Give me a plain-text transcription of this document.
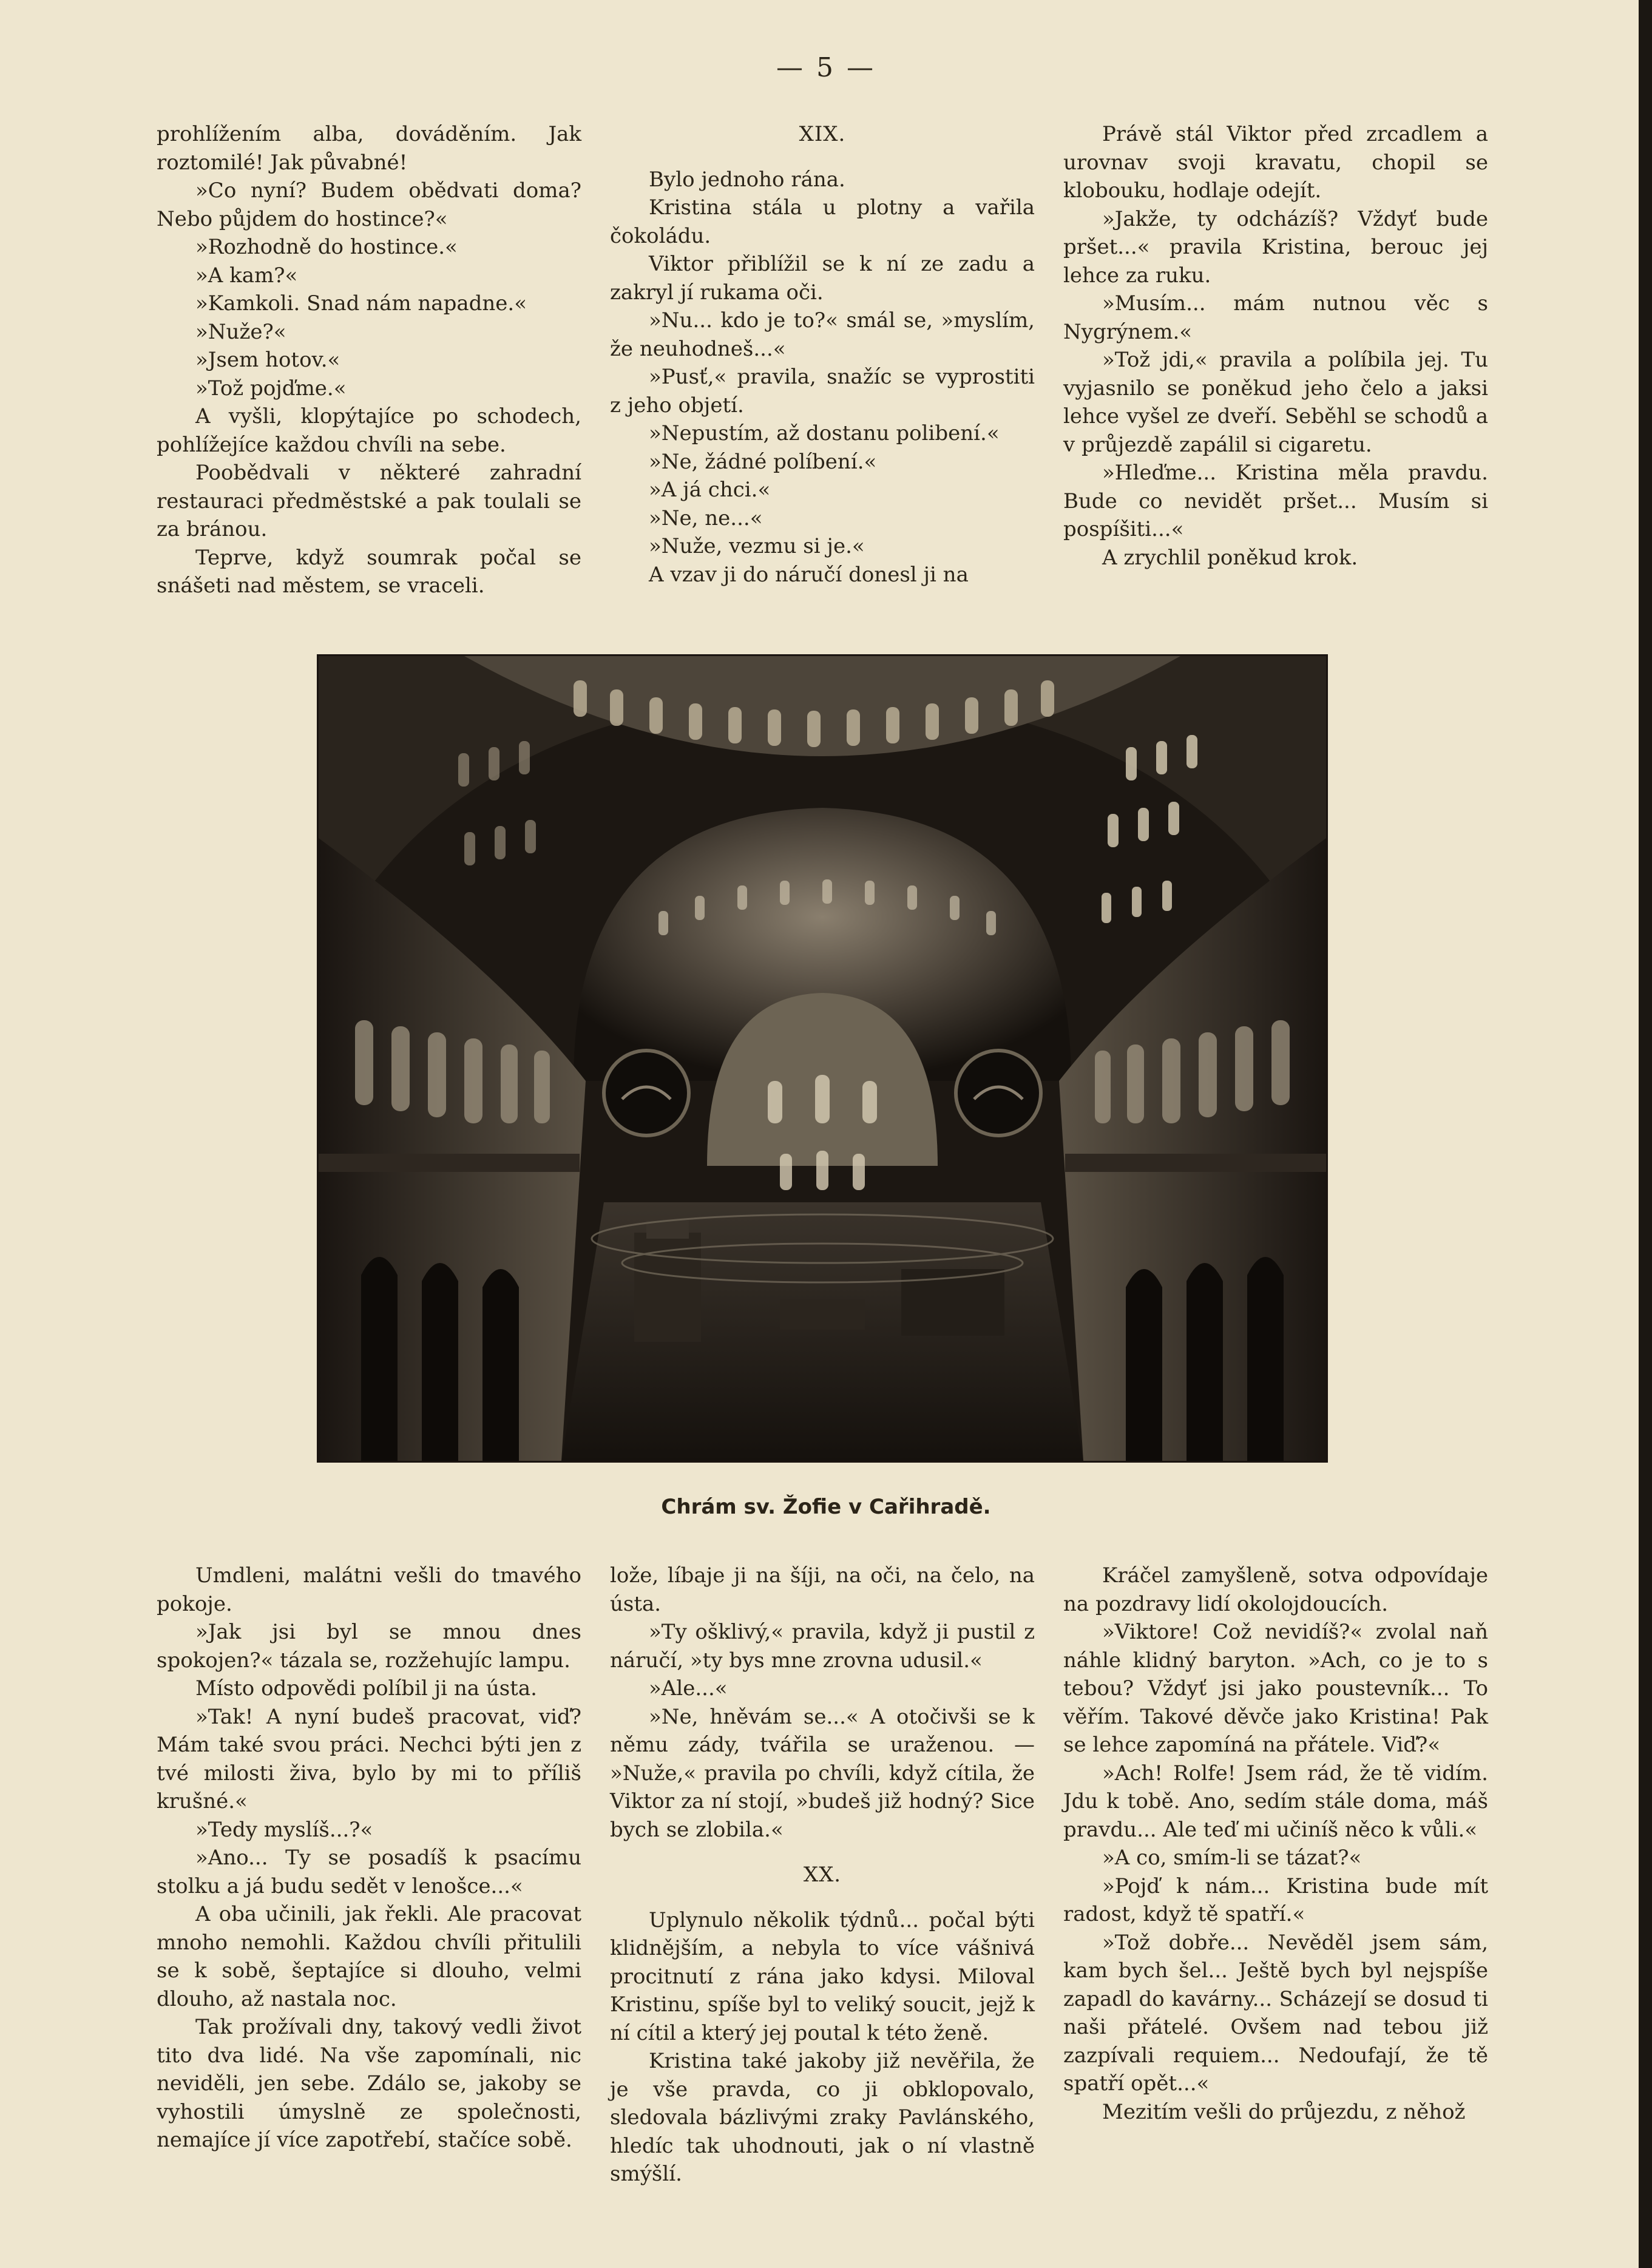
— 5 —

prohlížením alba, dováděním. Jak roztomilé! Jak půvabné!

»Co nyní? Budem obědvati doma? Nebo půjdem do hostince?«

»Rozhodně do hostince.«

»A kam?«

»Kamkoli. Snad nám napadne.«

»Nuže?«

»Jsem hotov.«

»Tož pojďme.«

A vyšli, klopýtajíce po schodech, pohlížejíce každou chvíli na sebe.

Poobědvali v některé zahradní restauraci předměstské a pak toulali se za bránou.

Teprve, když soumrak počal se snášeti nad městem, se vraceli.

XIX.

Bylo jednoho rána.

Kristina stála u plotny a vařila čokoládu.

Viktor přiblížil se k ní ze zadu a zakryl jí rukama oči.

»Nu... kdo je to?« smál se, »myslím, že neuhodneš...«

»Pusť,« pravila, snažíc se vyprostiti z jeho objetí.

»Nepustím, až dostanu polibení.«

»Ne, žádné políbení.«

»A já chci.«

»Ne, ne...«

»Nuže, vezmu si je.«

A vzav ji do náručí donesl ji na

Právě stál Viktor před zrcadlem a urovnav svoji kravatu, chopil se klobouku, hodlaje odejít.

»Jakže, ty odcházíš? Vždyť bude pršet...« pravila Kristina, berouc jej lehce za ruku.

»Musím... mám nutnou věc s Nygrýnem.«

»Tož jdi,« pravila a políbila jej. Tu vyjasnilo se poněkud jeho čelo a jaksi lehce vyšel ze dveří. Seběhl se schodů a v průjezdě zapálil si cigaretu.

»Hleďme... Kristina měla pravdu. Bude co nevidět pršet... Musím si pospíšiti...«

A zrychlil poněkud krok.

Chrám sv. Žofie v Cařihradě.

Umdleni, malátni vešli do tmavého pokoje.

»Jak jsi byl se mnou dnes spokojen?« tázala se, rozžehujíc lampu.

Místo odpovědi políbil ji na ústa.

»Tak! A nyní budeš pracovat, viď? Mám také svou práci. Nechci býti jen z tvé milosti živa, bylo by mi to příliš krušné.«

»Tedy myslíš...?«

»Ano... Ty se posadíš k psacímu stolku a já budu sedět v lenošce...«

A oba učinili, jak řekli. Ale pracovat mnoho nemohli. Každou chvíli přitulili se k sobě, šeptajíce si dlouho, velmi dlouho, až nastala noc.

Tak prožívali dny, takový vedli život tito dva lidé. Na vše zapomínali, nic neviděli, jen sebe. Zdálo se, jakoby se vyhostili úmyslně ze společnosti, nemajíce jí více zapotřebí, stačíce sobě.

lože, líbaje ji na šíji, na oči, na čelo, na ústa.

»Ty ošklivý,« pravila, když ji pustil z náručí, »ty bys mne zrovna udusil.«

»Ale...«

»Ne, hněvám se...« A otočivši se k němu zády, tvářila se uraženou. — »Nuže,« pravila po chvíli, když cítila, že Viktor za ní stojí, »budeš již hodný? Sice bych se zlobila.«

XX.

Uplynulo několik týdnů... počal býti klidnějším, a nebyla to více vášnivá procitnutí z rána jako kdysi. Miloval Kristinu, spíše byl to veliký soucit, jejž k ní cítil a který jej poutal k této ženě.

Kristina také jakoby již nevěřila, že je vše pravda, co ji obklopovalo, sledovala bázlivými zraky Pavlánského, hledíc tak uhodnouti, jak o ní vlastně smýšlí.

Kráčel zamyšleně, sotva odpovídaje na pozdravy lidí okolojdoucích.

»Viktore! Což nevidíš?« zvolal naň náhle klidný baryton. »Ach, co je to s tebou? Vždyť jsi jako poustevník... To věřím. Takové děvče jako Kristina! Pak se lehce zapomíná na přátele. Viď?«

»Ach! Rolfe! Jsem rád, že tě vidím. Jdu k tobě. Ano, sedím stále doma, máš pravdu... Ale teď mi učiníš něco k vůli.«

»A co, smím-li se tázat?«

»Pojď k nám... Kristina bude mít radost, když tě spatří.«

»Tož dobře... Nevěděl jsem sám, kam bych šel... Ještě bych byl nejspíše zapadl do kavárny... Scházejí se dosud ti naši přátelé. Ovšem nad tebou již zazpívali requiem... Nedoufají, že tě spatří opět...«

Mezitím vešli do průjezdu, z něhož
